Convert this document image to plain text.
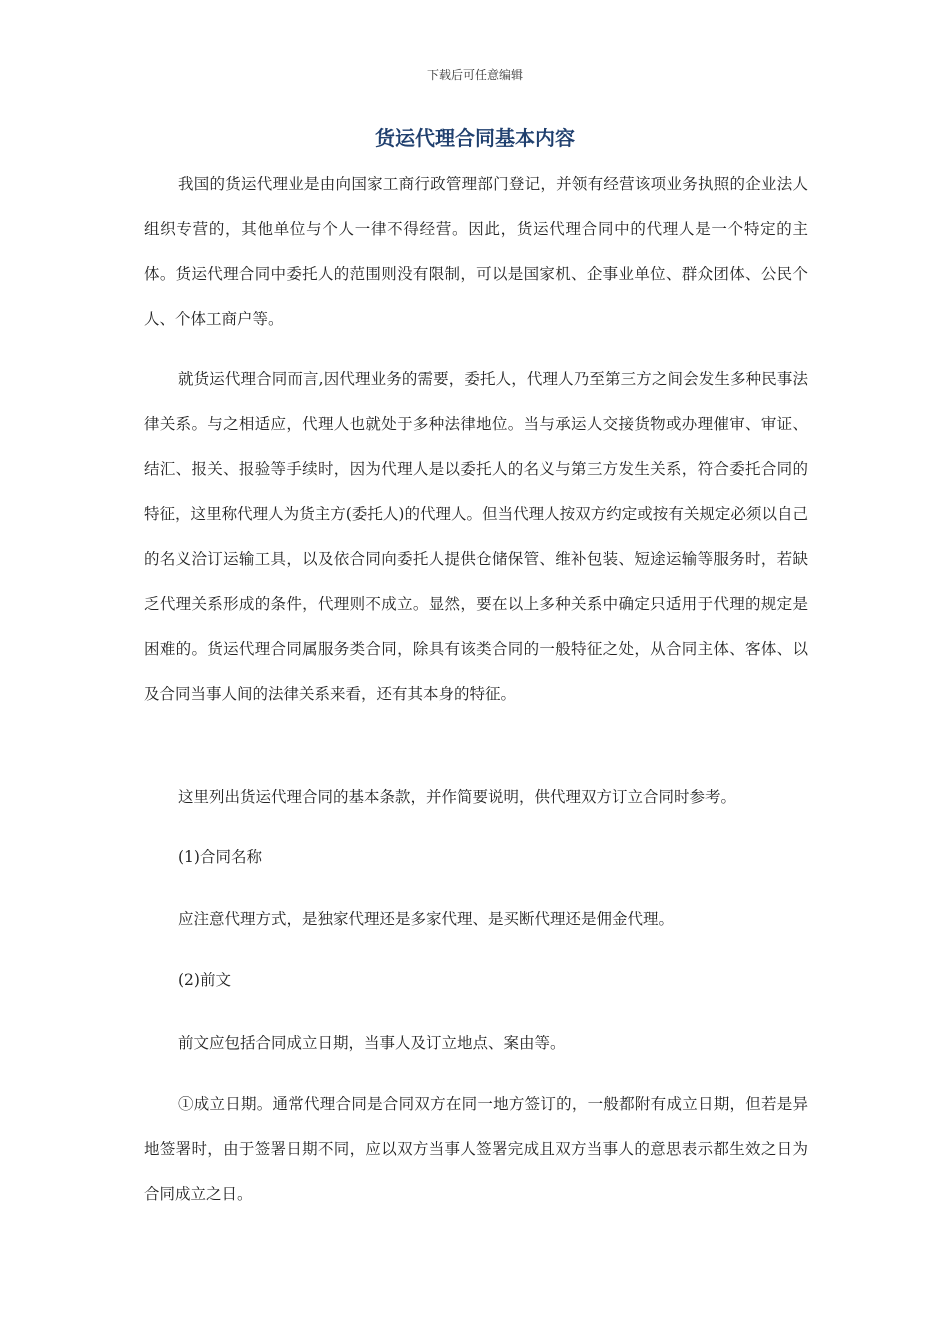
下载后可任意编辑
货运代理合同基本内容

我国的货运代理业是由向国家工商行政管理部门登记，并领有经营该项业务执照的企业法人组织专营的，其他单位与个人一律不得经营。因此，货运代理合同中的代理人是一个特定的主体。货运代理合同中委托人的范围则没有限制，可以是国家机、企事业单位、群众团体、公民个人、个体工商户等。

就货运代理合同而言,因代理业务的需要，委托人，代理人乃至第三方之间会发生多种民事法律关系。与之相适应，代理人也就处于多种法律地位。当与承运人交接货物或办理催审、审证、结汇、报关、报验等手续时，因为代理人是以委托人的名义与第三方发生关系，符合委托合同的特征，这里称代理人为货主方(委托人)的代理人。但当代理人按双方约定或按有关规定必须以自己的名义洽订运输工具，以及依合同向委托人提供仓储保管、维补包装、短途运输等服务时，若缺乏代理关系形成的条件，代理则不成立。显然，要在以上多种关系中确定只适用于代理的规定是困难的。货运代理合同属服务类合同，除具有该类合同的一般特征之处，从合同主体、客体、以及合同当事人间的法律关系来看，还有其本身的特征。

这里列出货运代理合同的基本条款，并作简要说明，供代理双方订立合同时参考。

(1)合同名称

应注意代理方式，是独家代理还是多家代理、是买断代理还是佣金代理。

(2)前文

前文应包括合同成立日期，当事人及订立地点、案由等。

①成立日期。通常代理合同是合同双方在同一地方签订的，一般都附有成立日期，但若是异地签署时，由于签署日期不同，应以双方当事人签署完成且双方当事人的意思表示都生效之日为合同成立之日。
